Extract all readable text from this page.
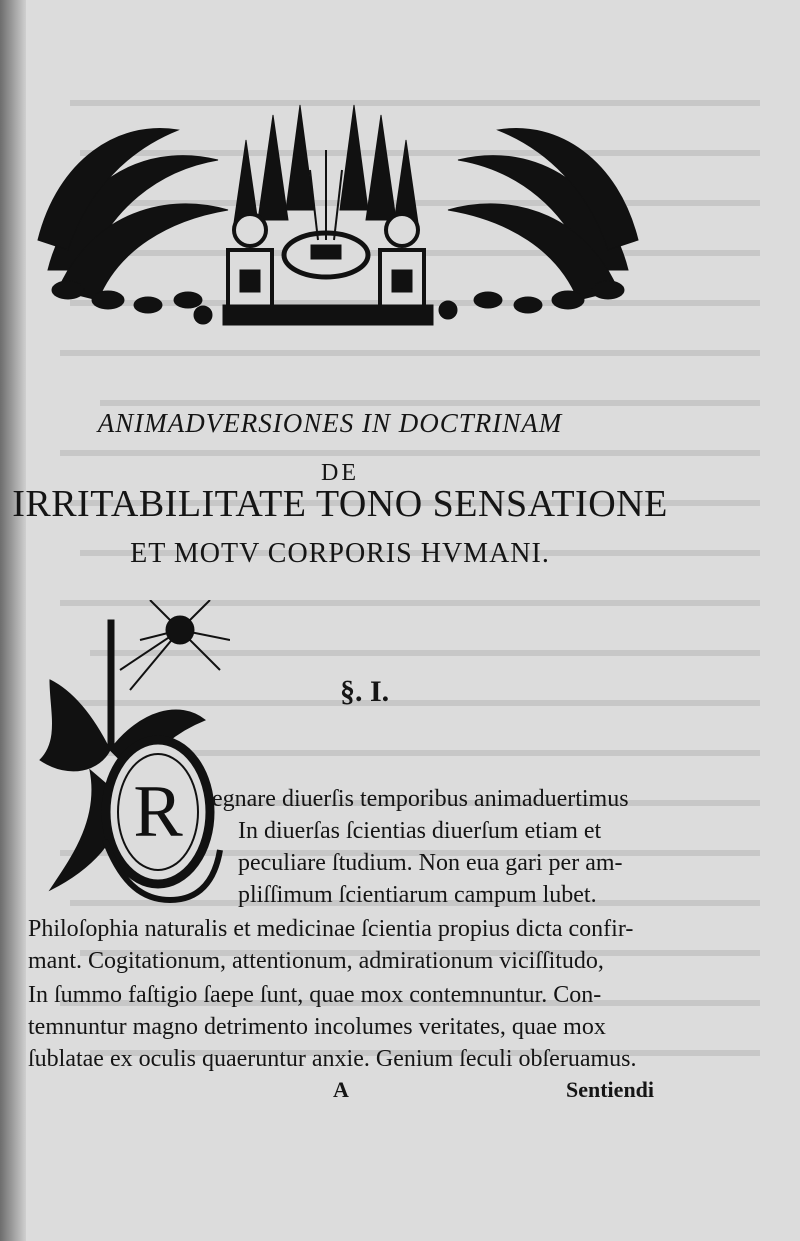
ANIMADVERSIONES IN DOCTRINAM
DE
IRRITABILITATE TONO SENSATIONE
ET MOTV CORPORIS HVMANI.
R
§. I.
egnare diuerſis temporibus animaduertimus
In diuerſas ſcientias diuerſum etiam et
peculiare ſtudium. Non eua gari per am-
pliſſimum ſcientiarum campum lubet.
Philoſophia naturalis et medicinae ſcientia propius dicta confir-
mant. Cogitationum, attentionum, admirationum viciſſitudo,
In ſummo faſtigio ſaepe ſunt, quae mox contemnuntur. Con-
temnuntur magno detrimento incolumes veritates, quae mox
ſublatae ex oculis quaeruntur anxie. Genium ſeculi obſeruamus.
A	Sentiendi
